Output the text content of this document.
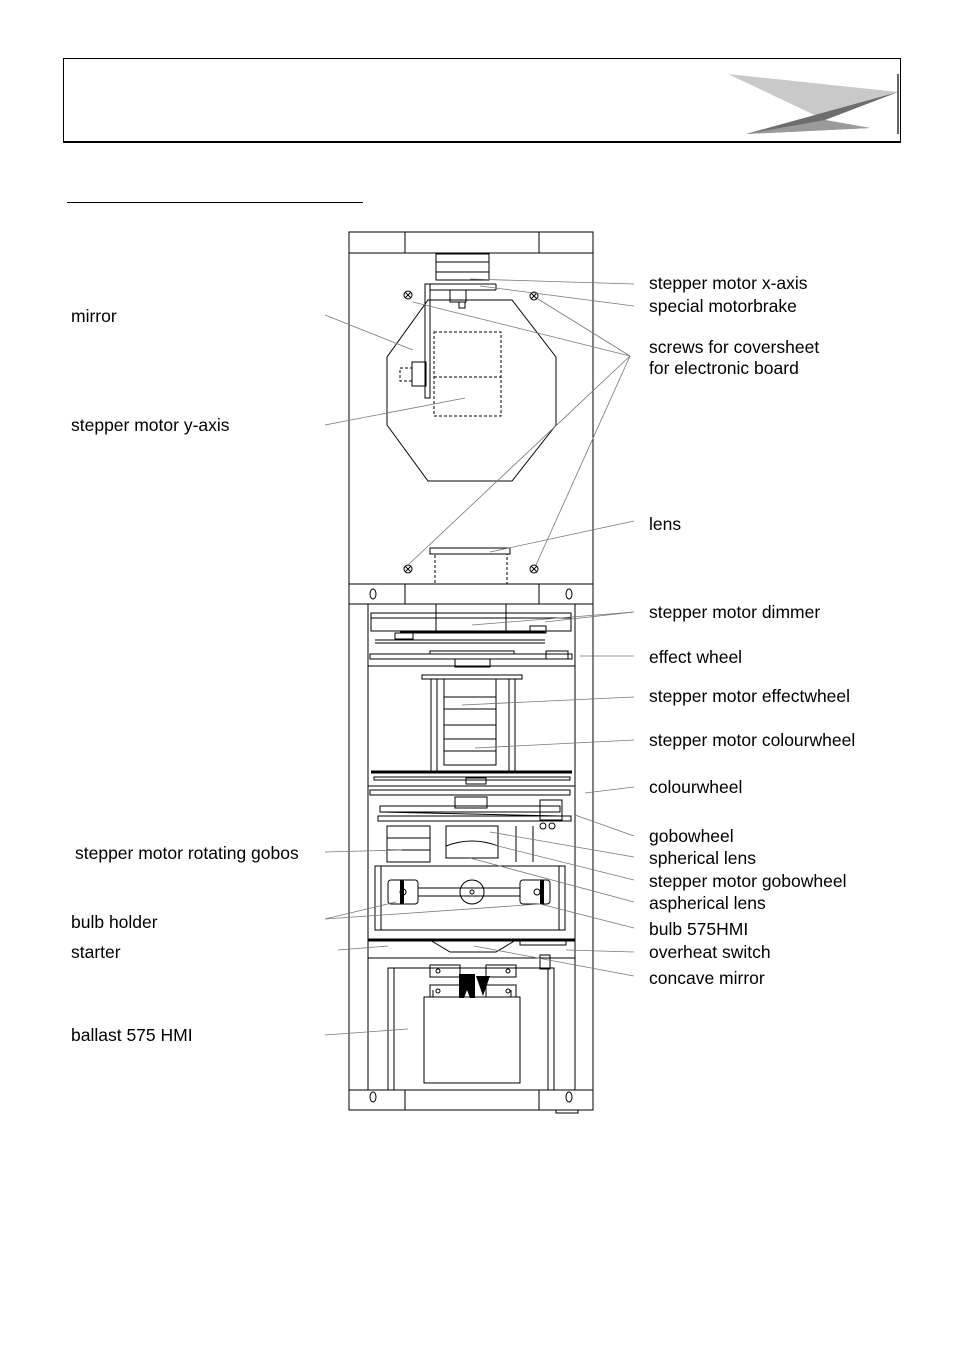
mirror
stepper motor y-axis
stepper motor rotating gobos
bulb holder
starter
ballast 575 HMI
stepper motor x-axis
special motorbrake
screws for coversheet
for electronic board
lens
stepper motor dimmer
effect wheel
stepper motor effectwheel
stepper motor colourwheel
colourwheel
gobowheel
spherical lens
stepper motor gobowheel
aspherical lens
bulb 575HMI
overheat switch
concave mirror
